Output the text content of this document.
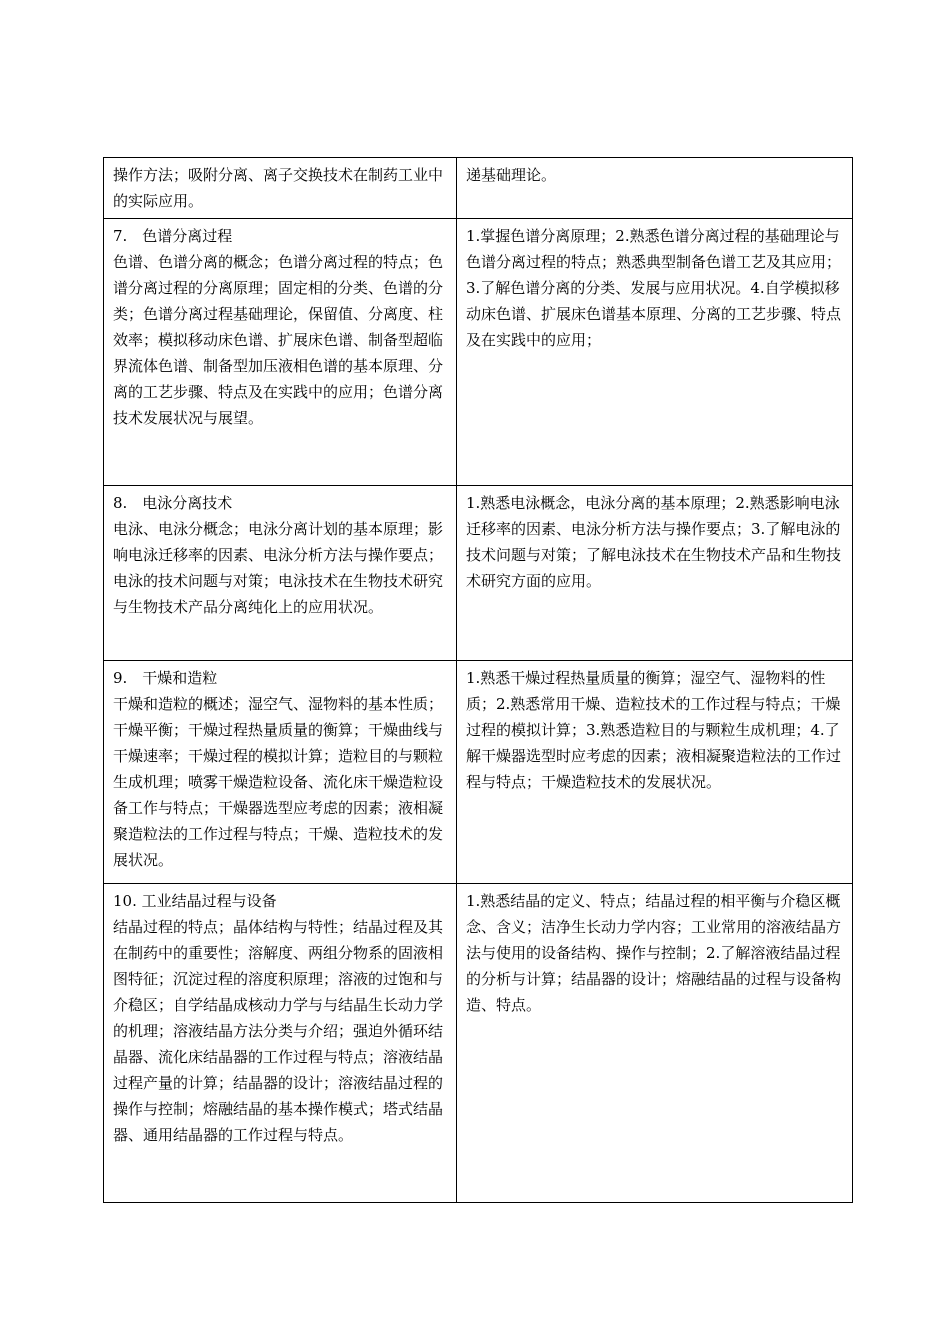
操作方法；吸附分离、离子交换技术在制药工业中的实际应用。	递基础理论。

7.　色谱分离过程
色谱、色谱分离的概念；色谱分离过程的特点；色谱分离过程的分离原理；固定相的分类、色谱的分类；色谱分离过程基础理论，保留值、分离度、柱效率；模拟移动床色谱、扩展床色谱、制备型超临界流体色谱、制备型加压液相色谱的基本原理、分离的工艺步骤、特点及在实践中的应用；色谱分离技术发展状况与展望。	1.掌握色谱分离原理；2.熟悉色谱分离过程的基础理论与色谱分离过程的特点；熟悉典型制备色谱工艺及其应用；3.了解色谱分离的分类、发展与应用状况。4.自学模拟移动床色谱、扩展床色谱基本原理、分离的工艺步骤、特点及在实践中的应用；

8.　电泳分离技术
电泳、电泳分概念；电泳分离计划的基本原理；影响电泳迁移率的因素、电泳分析方法与操作要点；电泳的技术问题与对策；电泳技术在生物技术研究与生物技术产品分离纯化上的应用状况。	1.熟悉电泳概念，电泳分离的基本原理；2.熟悉影响电泳迁移率的因素、电泳分析方法与操作要点；3.了解电泳的技术问题与对策；了解电泳技术在生物技术产品和生物技术研究方面的应用。

9.　干燥和造粒
干燥和造粒的概述；湿空气、湿物料的基本性质；干燥平衡；干燥过程热量质量的衡算；干燥曲线与干燥速率；干燥过程的模拟计算；造粒目的与颗粒生成机理；喷雾干燥造粒设备、流化床干燥造粒设备工作与特点；干燥器选型应考虑的因素；液相凝聚造粒法的工作过程与特点；干燥、造粒技术的发展状况。	1.熟悉干燥过程热量质量的衡算；湿空气、湿物料的性质；2.熟悉常用干燥、造粒技术的工作过程与特点；干燥过程的模拟计算；3.熟悉造粒目的与颗粒生成机理；4.了解干燥器选型时应考虑的因素；液相凝聚造粒法的工作过程与特点；干燥造粒技术的发展状况。

10. 工业结晶过程与设备
结晶过程的特点；晶体结构与特性；结晶过程及其在制药中的重要性；溶解度、两组分物系的固液相图特征；沉淀过程的溶度积原理；溶液的过饱和与介稳区；自学结晶成核动力学与与结晶生长动力学的机理；溶液结晶方法分类与介绍；强迫外循环结晶器、流化床结晶器的工作过程与特点；溶液结晶过程产量的计算；结晶器的设计；溶液结晶过程的操作与控制；熔融结晶的基本操作模式；塔式结晶器、通用结晶器的工作过程与特点。	1.熟悉结晶的定义、特点；结晶过程的相平衡与介稳区概念、含义；洁净生长动力学内容；工业常用的溶液结晶方法与使用的设备结构、操作与控制；2.了解溶液结晶过程的分析与计算；结晶器的设计；熔融结晶的过程与设备构造、特点。
